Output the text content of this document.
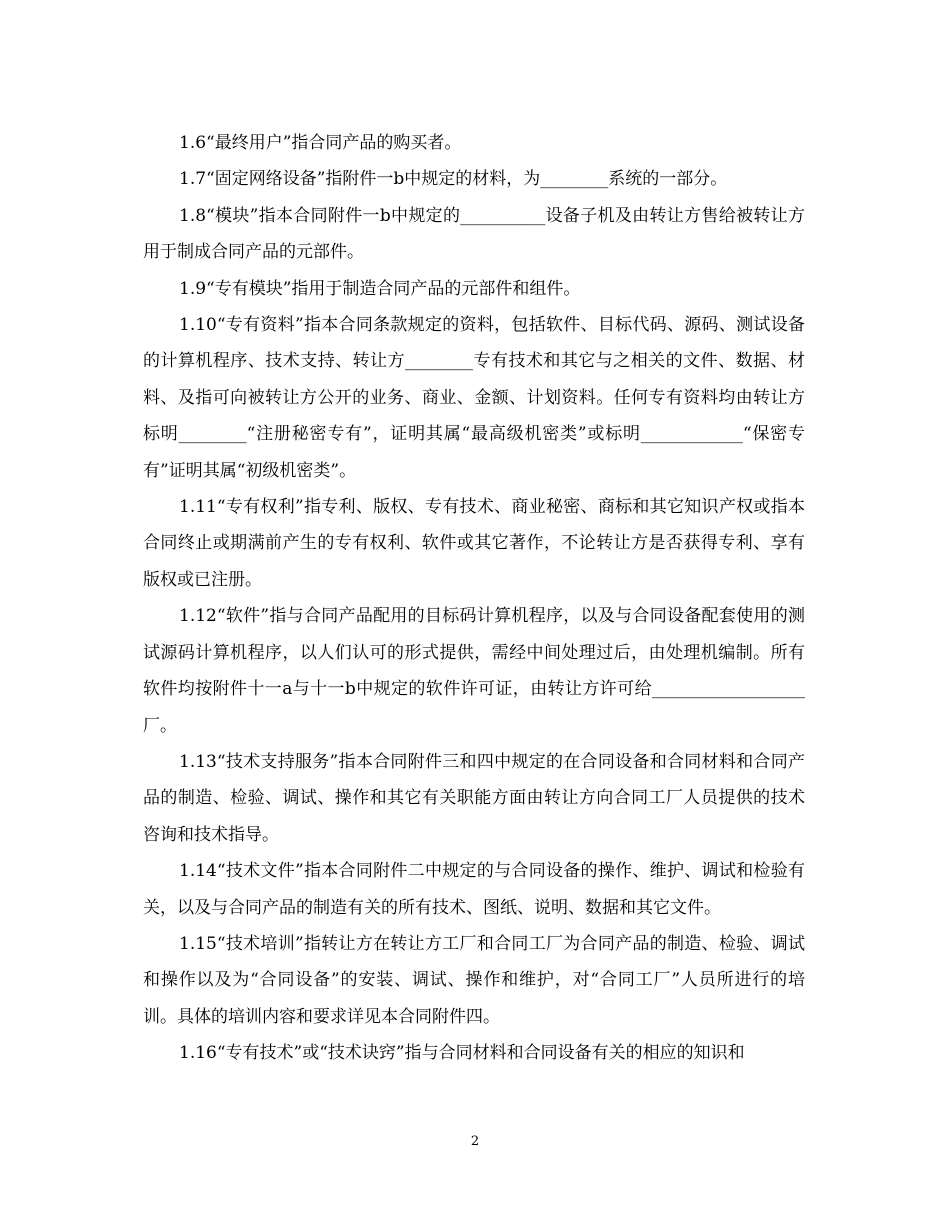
1.6“最终用户”指合同产品的购买者。

1.7“固定网络设备”指附件一b中规定的材料，为________系统的一部分。

1.8“模块”指本合同附件一b中规定的__________设备子机及由转让方售给被转让方用于制成合同产品的元部件。

1.9“专有模块”指用于制造合同产品的元部件和组件。

1.10“专有资料”指本合同条款规定的资料，包括软件、目标代码、源码、测试设备的计算机程序、技术支持、转让方________专有技术和其它与之相关的文件、数据、材料、及指可向被转让方公开的业务、商业、金额、计划资料。任何专有资料均由转让方标明________“注册秘密专有”，证明其属“最高级机密类”或标明____________“保密专有”证明其属“初级机密类”。

1.11“专有权利”指专利、版权、专有技术、商业秘密、商标和其它知识产权或指本合同终止或期满前产生的专有权利、软件或其它著作，不论转让方是否获得专利、享有版权或已注册。

1.12“软件”指与合同产品配用的目标码计算机程序，以及与合同设备配套使用的测试源码计算机程序，以人们认可的形式提供，需经中间处理过后，由处理机编制。所有软件均按附件十一a与十一b中规定的软件许可证，由转让方许可给__________________厂。

1.13“技术支持服务”指本合同附件三和四中规定的在合同设备和合同材料和合同产品的制造、检验、调试、操作和其它有关职能方面由转让方向合同工厂人员提供的技术咨询和技术指导。

1.14“技术文件”指本合同附件二中规定的与合同设备的操作、维护、调试和检验有关，以及与合同产品的制造有关的所有技术、图纸、说明、数据和其它文件。

1.15“技术培训”指转让方在转让方工厂和合同工厂为合同产品的制造、检验、调试和操作以及为“合同设备”的安装、调试、操作和维护，对“合同工厂”人员所进行的培训。具体的培训内容和要求详见本合同附件四。

1.16“专有技术”或“技术诀窍”指与合同材料和合同设备有关的相应的知识和

2
